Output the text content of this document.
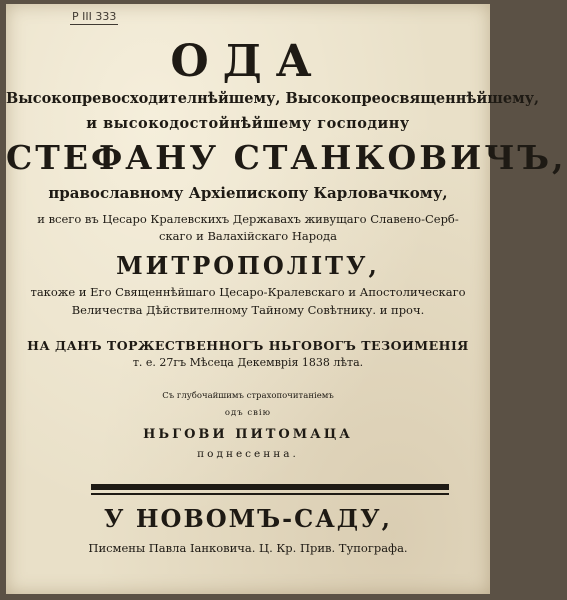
Р III 333
ОДА
Высокопревосходителнѣйшему, Высокопреосвященнѣйшему,
и высокодостойнѣйшему господину
СТЕФАНУ СТАНКОВИЧЪ,
православному Архіепископу Карловачкому,
и всего въ Цесаро Кралевскихъ Державахъ живущаго Славено-Серб-
скаго и Валахійскаго Народа
МИТРОПОЛІТУ,
такоже и Его Священнѣйшаго Цесаро-Кралевскаго и Апостолическаго
Величества Дѣйствителному Тайному Совѣтнику. и проч.
НА ДАНЪ ТОРЖЕСТВЕННОГЪ НЬГОВОГЪ ТЕЗОИМЕНІЯ
т. е. 27гъ Мѣсеца Декемврія 1838 лѣта.
Съ глубочайшимъ страхопочитаніемъ
одъ свію
НЬГОВИ ПИТОМАЦА
поднесенна.
У НОВОМЪ-САДУ,
Писмены Павла Іанковича. Ц. Кр. Прив. Тупографа.
